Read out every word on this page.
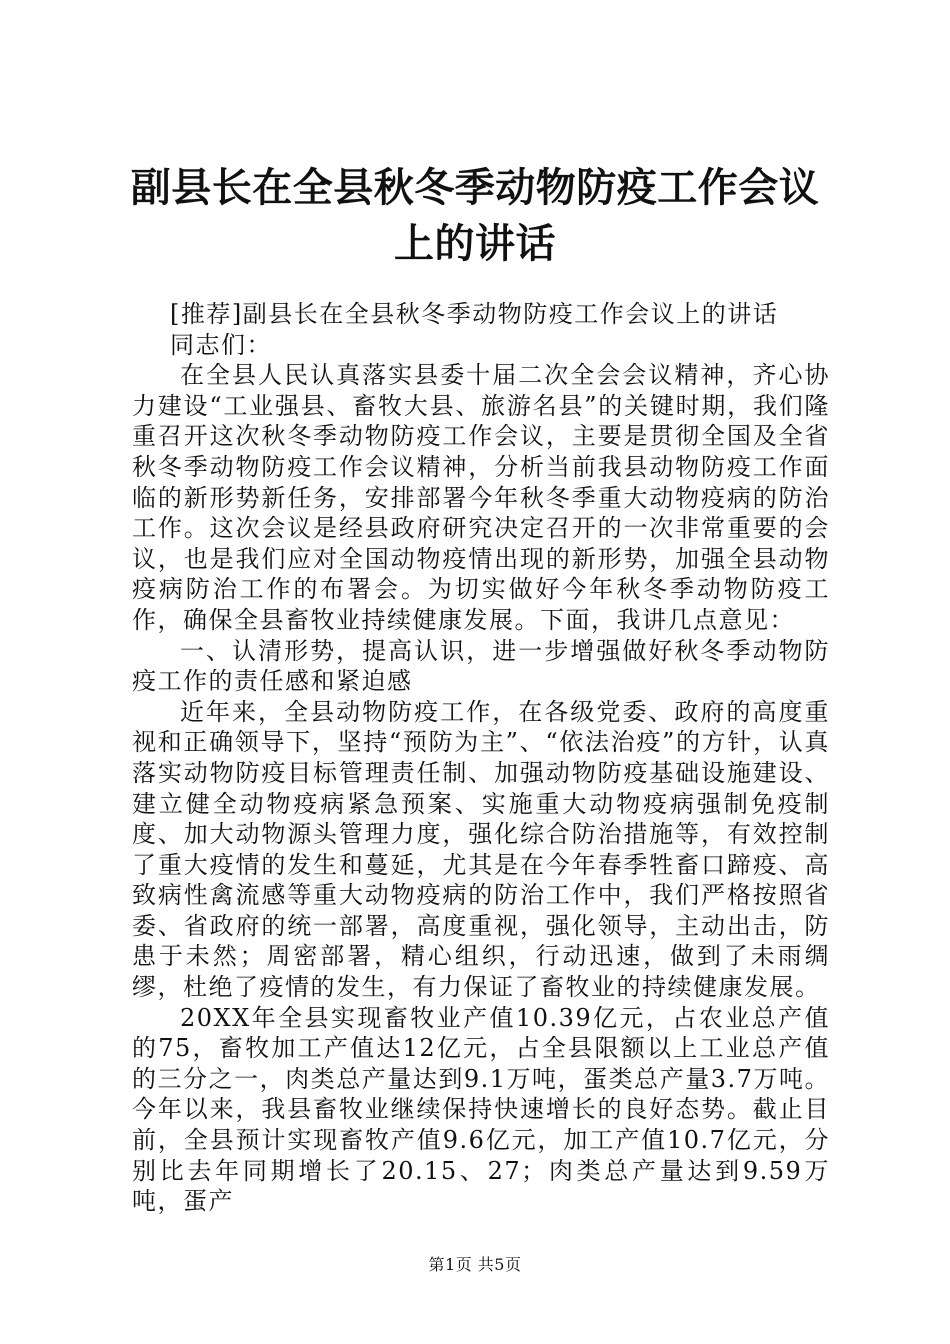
副县长在全县秋冬季动物防疫工作会议上的讲话

[推荐]副县长在全县秋冬季动物防疫工作会议上的讲话

同志们：

在全县人民认真落实县委十届二次全会会议精神，齐心协力建设“工业强县、畜牧大县、旅游名县”的关键时期，我们隆重召开这次秋冬季动物防疫工作会议，主要是贯彻全国及全省秋冬季动物防疫工作会议精神，分析当前我县动物防疫工作面临的新形势新任务，安排部署今年秋冬季重大动物疫病的防治工作。这次会议是经县政府研究决定召开的一次非常重要的会议，也是我们应对全国动物疫情出现的新形势，加强全县动物疫病防治工作的布署会。为切实做好今年秋冬季动物防疫工作，确保全县畜牧业持续健康发展。下面，我讲几点意见：

一、认清形势，提高认识，进一步增强做好秋冬季动物防疫工作的责任感和紧迫感

近年来，全县动物防疫工作，在各级党委、政府的高度重视和正确领导下，坚持“预防为主”、“依法治疫”的方针，认真落实动物防疫目标管理责任制、加强动物防疫基础设施建设、建立健全动物疫病紧急预案、实施重大动物疫病强制免疫制度、加大动物源头管理力度，强化综合防治措施等，有效控制了重大疫情的发生和蔓延，尤其是在今年春季牲畜口蹄疫、高致病性禽流感等重大动物疫病的防治工作中，我们严格按照省委、省政府的统一部署，高度重视，强化领导，主动出击，防患于未然；周密部署，精心组织，行动迅速，做到了未雨绸缪，杜绝了疫情的发生，有力保证了畜牧业的持续健康发展。

20XX年全县实现畜牧业产值10.39亿元，占农业总产值的75，畜牧加工产值达12亿元，占全县限额以上工业总产值的三分之一，肉类总产量达到9.1万吨，蛋类总产量3.7万吨。今年以来，我县畜牧业继续保持快速增长的良好态势。截止目前，全县预计实现畜牧产值9.6亿元，加工产值10.7亿元，分别比去年同期增长了20.15、27；肉类总产量达到9.59万吨，蛋产

第1页 共5页
